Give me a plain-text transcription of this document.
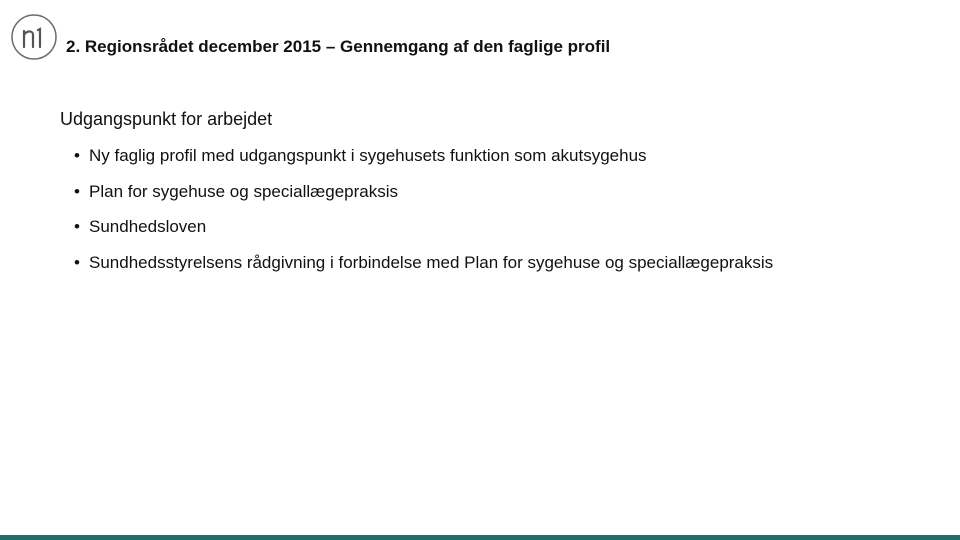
2. Regionsrådet december 2015 – Gennemgang af den faglige profil
Udgangspunkt for arbejdet
• Ny faglig profil med udgangspunkt i sygehusets funktion som akutsygehus
• Plan for sygehuse og speciallægepraksis
• Sundhedsloven
• Sundhedsstyrelsens rådgivning i forbindelse med Plan for sygehuse og speciallægepraksis
